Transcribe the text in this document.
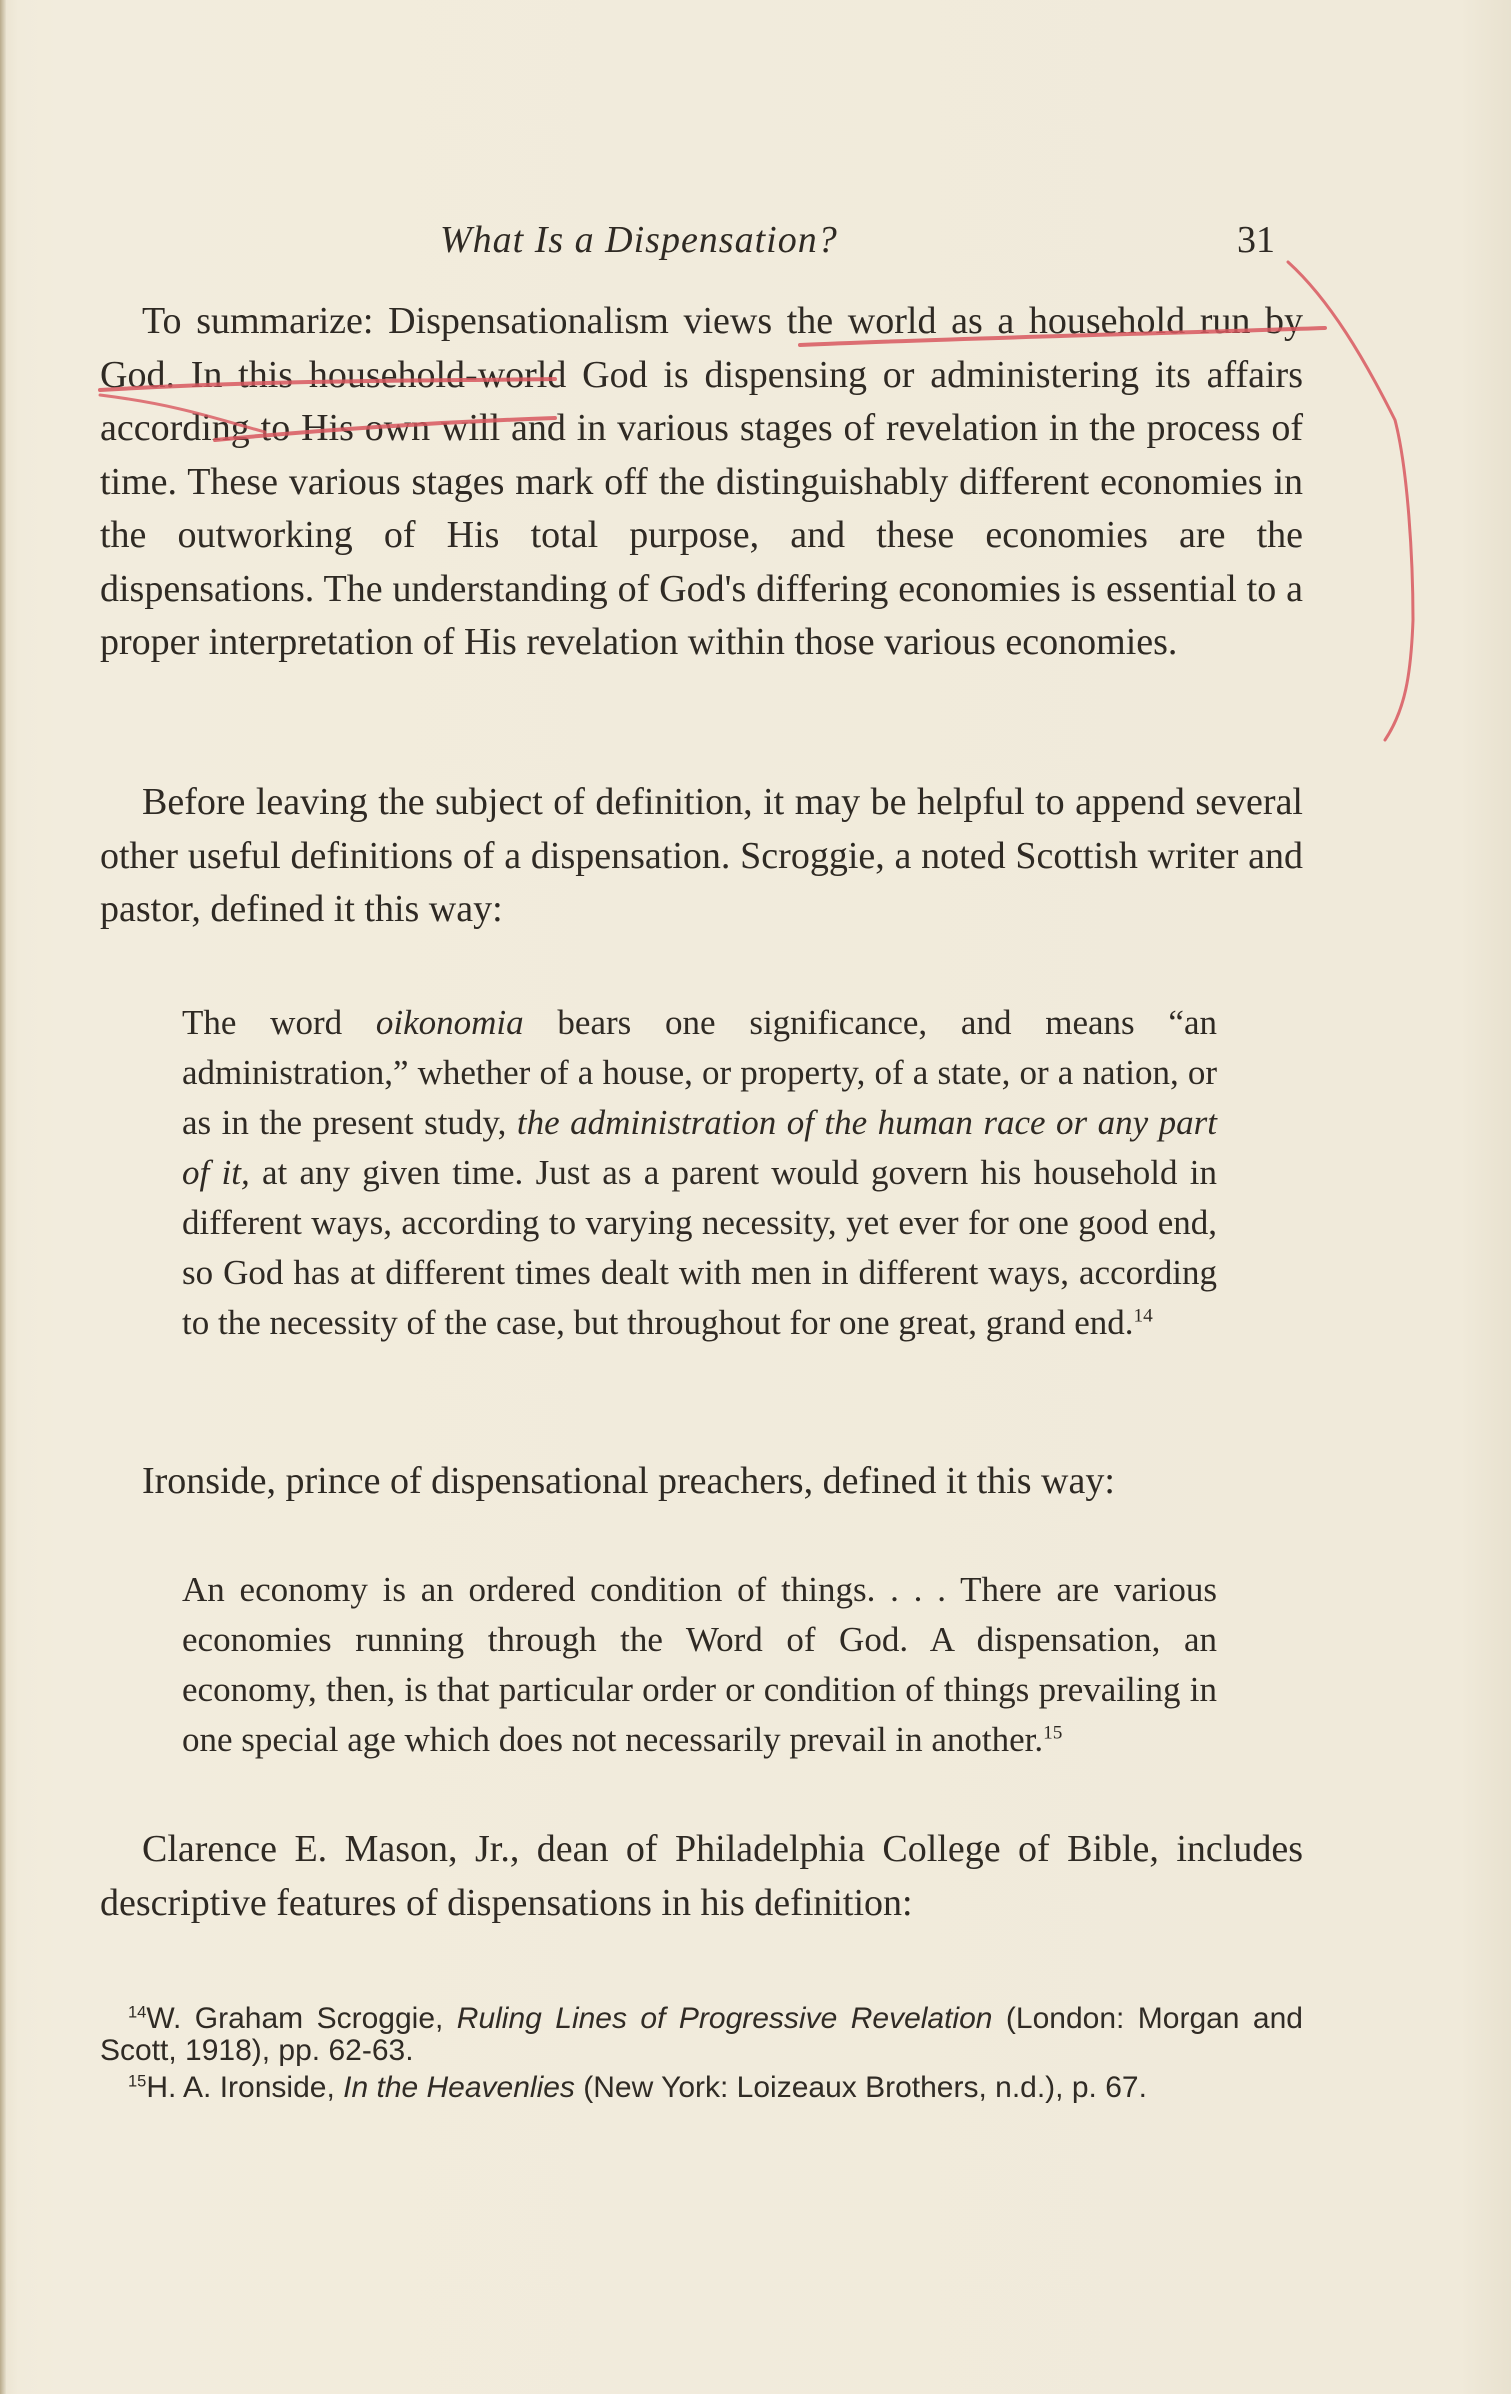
What Is a Dispensation?	31

To summarize: Dispensationalism views the world as a household run by God. In this household-world God is dispensing or administering its affairs according to His own will and in various stages of revelation in the process of time. These various stages mark off the distinguishably different economies in the outworking of His total purpose, and these economies are the dispensations. The understanding of God's differing economies is essential to a proper interpretation of His revelation within those various economies.

Before leaving the subject of definition, it may be helpful to append several other useful definitions of a dispensation. Scroggie, a noted Scottish writer and pastor, defined it this way:

The word oikonomia bears one significance, and means “an administration,” whether of a house, or property, of a state, or a nation, or as in the present study, the administration of the human race or any part of it, at any given time. Just as a parent would govern his household in different ways, according to varying necessity, yet ever for one good end, so God has at different times dealt with men in different ways, according to the necessity of the case, but throughout for one great, grand end.$^{14}$

Ironside, prince of dispensational preachers, defined it this way:

An economy is an ordered condition of things. . . . There are various economies running through the Word of God. A dispensation, an economy, then, is that particular order or condition of things prevailing in one special age which does not necessarily prevail in another.$^{15}$

Clarence E. Mason, Jr., dean of Philadelphia College of Bible, includes descriptive features of dispensations in his definition:

$^{14}$W. Graham Scroggie, Ruling Lines of Progressive Revelation (London: Morgan and Scott, 1918), pp. 62-63.

$^{15}$H. A. Ironside, In the Heavenlies (New York: Loizeaux Brothers, n.d.), p. 67.
